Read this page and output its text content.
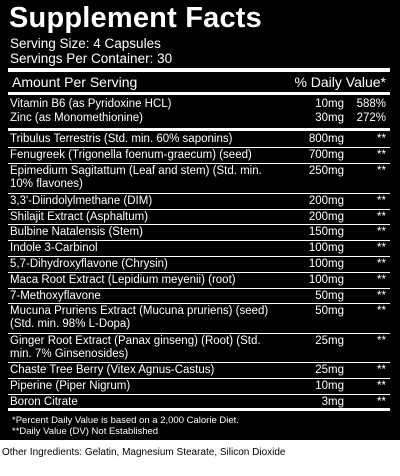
Supplement Facts
Serving Size: 4 Capsules
Servings Per Container: 30
Amount Per Serving	% Daily Value*
Vitamin B6 (as Pyridoxine HCL)	10mg	588%
Zinc (as Monomethionine)	30mg	272%
Tribulus Terrestris (Std. min. 60% saponins)	800mg	**
Fenugreek (Trigonella foenum-graecum) (seed)	700mg	**
Epimedium Sagitattum (Leaf and stem) (Std. min. 10% flavones)
250mg	**
3,3'-Diindolylmethane (DIM)	200mg	**
Shilajit Extract (Asphaltum)	200mg	**
Bulbine Natalensis (Stem)	150mg	**
Indole 3-Carbinol	100mg	**
5,7-Dihydroxyflavone (Chrysin)	100mg	**
Maca Root Extract (Lepidium meyenii) (root)	100mg	**
7-Methoxyflavone	50mg	**
Mucuna Pruriens Extract (Mucuna pruriens) (seed) (Std. min. 98% L-Dopa)
50mg	**
Ginger Root Extract (Panax ginseng) (Root) (Std. min. 7% Ginsenosides)
25mg	**
Chaste Tree Berry (Vitex Agnus-Castus)	25mg	**
Piperine (Piper Nigrum)	10mg	**
Boron Citrate	3mg	**
*Percent Daily Value is based on a 2,000 Calorie Diet.
**Daily Value (DV) Not Established
Other Ingredients: Gelatin, Magnesium Stearate, Silicon Dioxide
